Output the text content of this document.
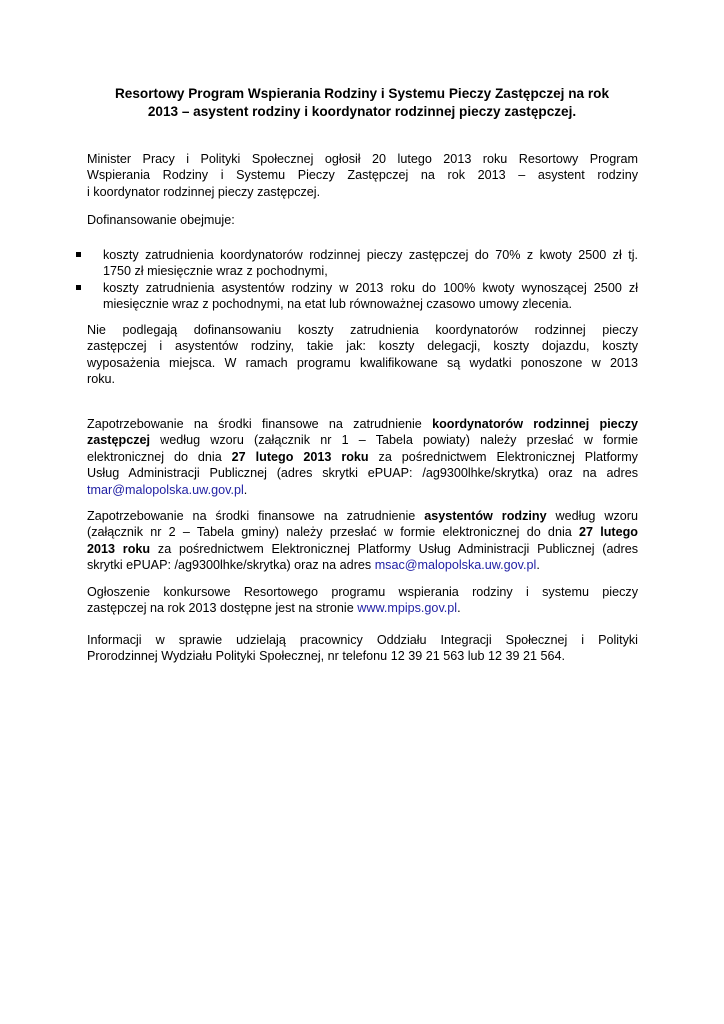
Resortowy Program Wspierania Rodziny i Systemu Pieczy Zastępczej na rok
2013 – asystent rodziny i koordynator rodzinnej pieczy zastępczej.

Minister Pracy i Polityki Społecznej ogłosił 20 lutego 2013 roku Resortowy Program
Wspierania Rodziny i Systemu Pieczy Zastępczej na rok 2013 – asystent rodziny
i koordynator rodzinnej pieczy zastępczej.

Dofinansowanie obejmuje:

koszty zatrudnienia koordynatorów rodzinnej pieczy zastępczej do 70% z kwoty 2500 zł tj.
1750 zł miesięcznie wraz z pochodnymi,
koszty zatrudnienia asystentów rodziny w 2013 roku do 100% kwoty wynoszącej 2500 zł
miesięcznie wraz z pochodnymi, na etat lub równoważnej czasowo umowy zlecenia.

Nie podlegają dofinansowaniu koszty zatrudnienia koordynatorów rodzinnej pieczy
zastępczej i asystentów rodziny, takie jak: koszty delegacji, koszty dojazdu, koszty
wyposażenia miejsca. W ramach programu kwalifikowane są wydatki ponoszone w 2013
roku.

Zapotrzebowanie na środki finansowe na zatrudnienie koordynatorów rodzinnej pieczy
zastępczej według wzoru (załącznik nr 1 – Tabela powiaty) należy przesłać w formie
elektronicznej do dnia 27 lutego 2013 roku za pośrednictwem Elektronicznej Platformy
Usług Administracji Publicznej (adres skrytki ePUAP: /ag9300lhke/skrytka) oraz na adres
tmar@malopolska.uw.gov.pl.

Zapotrzebowanie na środki finansowe na zatrudnienie asystentów rodziny według wzoru
(załącznik nr 2 – Tabela gminy) należy przesłać w formie elektronicznej do dnia 27 lutego
2013 roku za pośrednictwem Elektronicznej Platformy Usług Administracji Publicznej (adres
skrytki ePUAP: /ag9300lhke/skrytka) oraz na adres msac@malopolska.uw.gov.pl.

Ogłoszenie konkursowe Resortowego programu wspierania rodziny i systemu pieczy
zastępczej na rok 2013 dostępne jest na stronie www.mpips.gov.pl.

Informacji w sprawie udzielają pracownicy Oddziału Integracji Społecznej i Polityki
Prorodzinnej Wydziału Polityki Społecznej, nr telefonu 12 39 21 563 lub 12 39 21 564.
